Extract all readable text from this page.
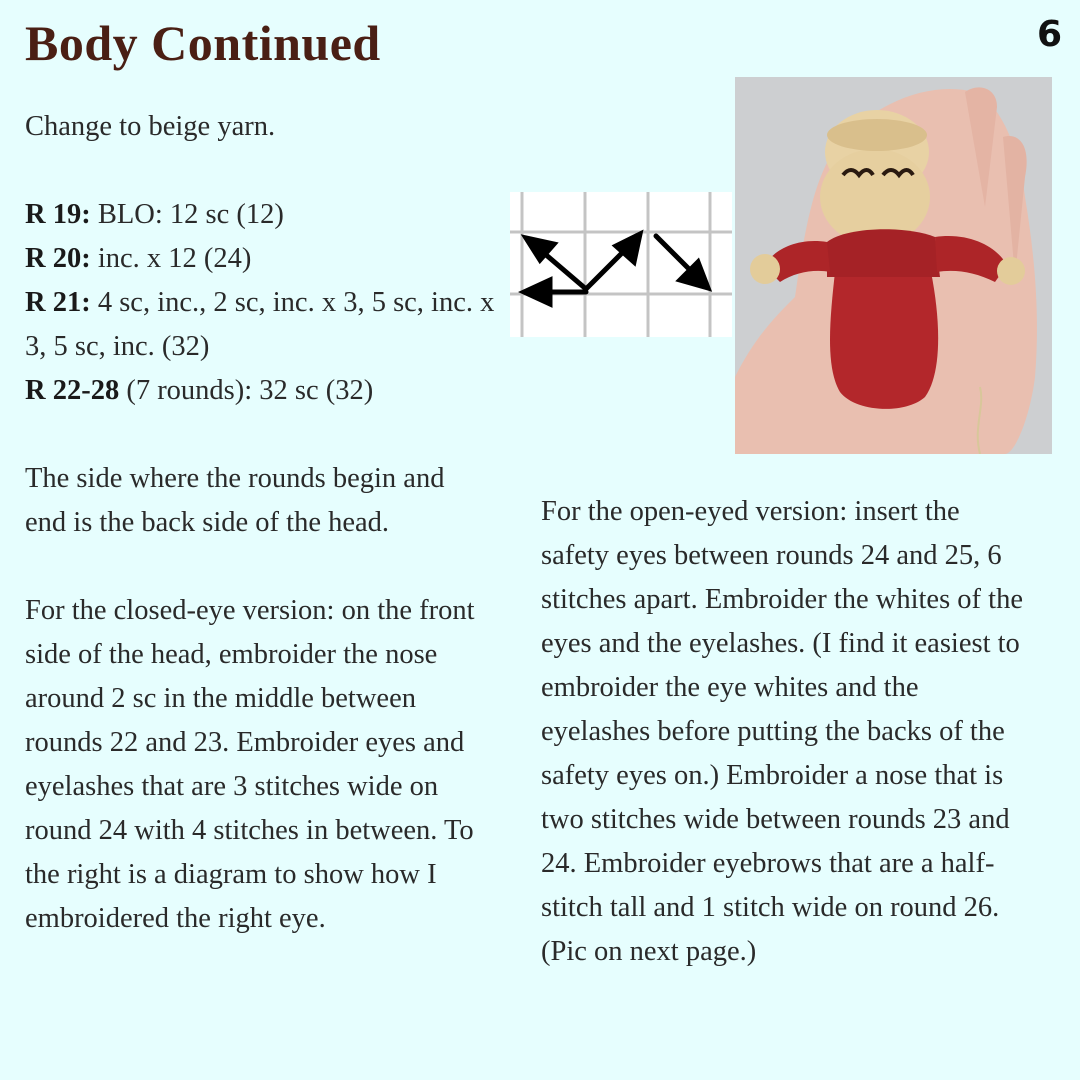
Body Continued	6

Change to beige yarn.

R 19: BLO: 12 sc (12)

R 20: inc. x 12 (24)

R 21: 4 sc, inc., 2 sc, inc. x 3, 5 sc, inc. x 3, 5 sc, inc. (32)

R 22-28 (7 rounds): 32 sc (32)

The side where the rounds begin and end is the back side of the head.

For the closed-eye version: on the front side of the head, embroider the nose around 2 sc in the middle between rounds 22 and 23. Embroider eyes and eyelashes that are 3 stitches wide on round 24 with 4 stitches in between. To the right is a diagram to show how I embroidered the right eye.

For the open-eyed version: insert the safety eyes between rounds 24 and 25, 6 stitches apart. Embroider the whites of the eyes and the eyelashes. (I find it easiest to embroider the eye whites and the eyelashes before putting the backs of the safety eyes on.) Embroider a nose that is two stitches wide between rounds 23 and 24. Embroider eyebrows that are a half-stitch tall and 1 stitch wide on round 26. (Pic on next page.)
